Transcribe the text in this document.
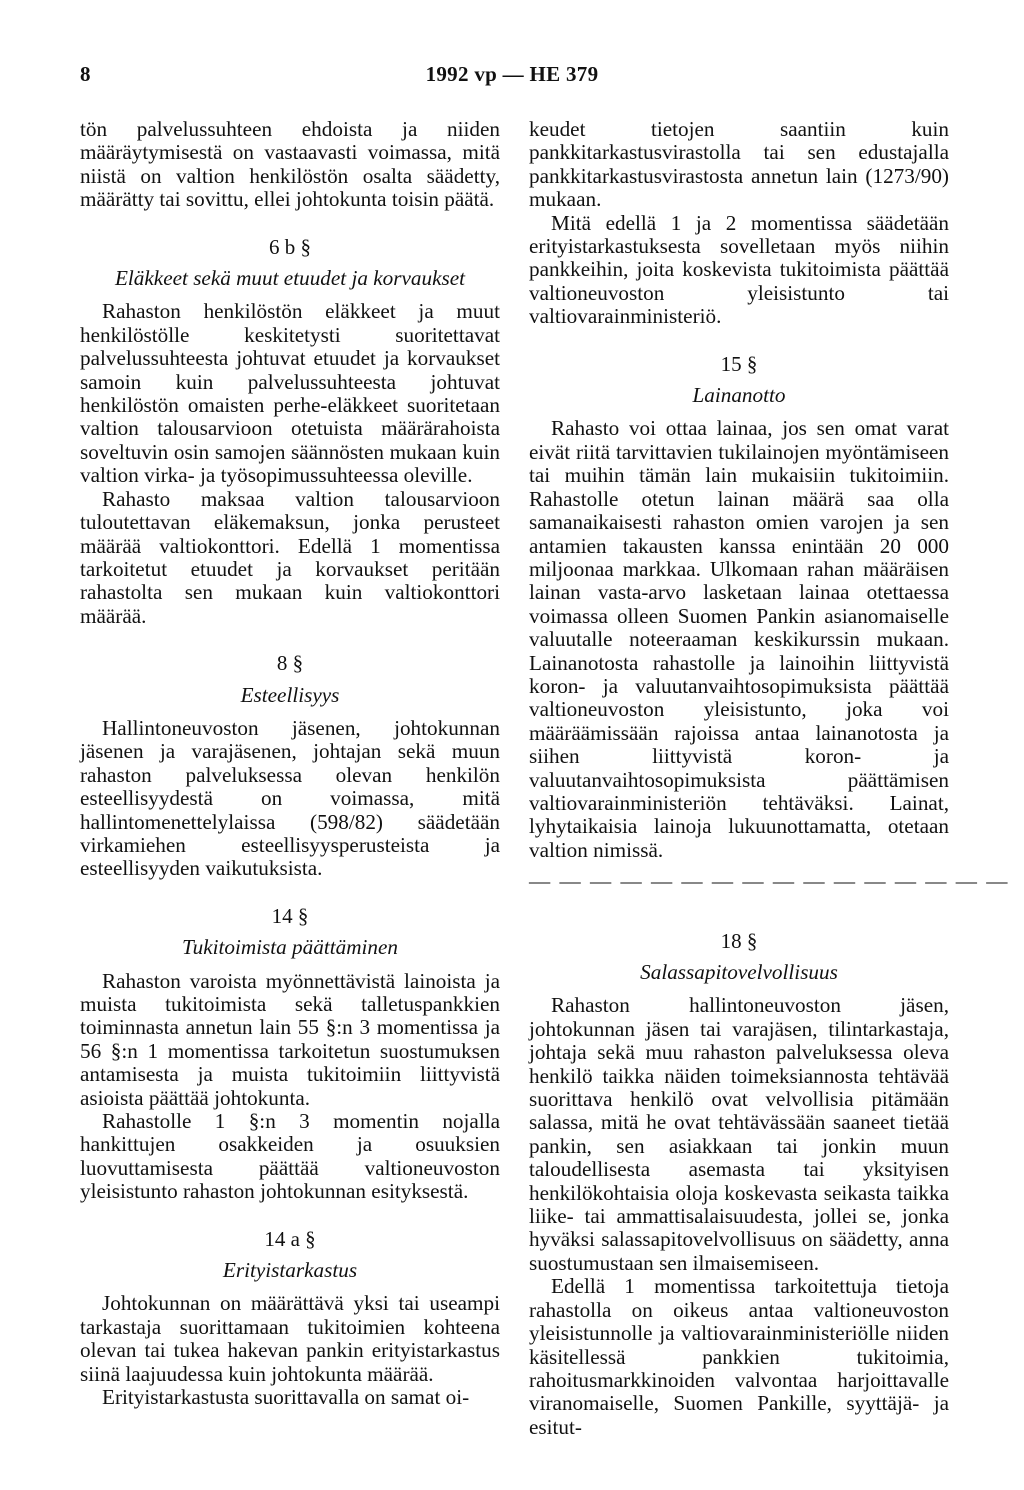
8	1992 vp — HE 379

tön palvelussuhteen ehdoista ja niiden määräytymisestä on vastaavasti voimassa, mitä niistä on valtion henkilöstön osalta säädetty, määrätty tai sovittu, ellei johtokunta toisin päätä.

6 b §
Eläkkeet sekä muut etuudet ja korvaukset

Rahaston henkilöstön eläkkeet ja muut henkilöstölle keskitetysti suoritettavat palvelussuhteesta johtuvat etuudet ja korvaukset samoin kuin palvelussuhteesta johtuvat henkilöstön omaisten perhe-eläkkeet suoritetaan valtion talousarvioon otetuista määrärahoista soveltuvin osin samojen säännösten mukaan kuin valtion virka- ja työsopimussuhteessa oleville.

Rahasto maksaa valtion talousarvioon tuloutettavan eläkemaksun, jonka perusteet määrää valtiokonttori. Edellä 1 momentissa tarkoitetut etuudet ja korvaukset peritään rahastolta sen mukaan kuin valtiokonttori määrää.

8 §
Esteellisyys

Hallintoneuvoston jäsenen, johtokunnan jäsenen ja varajäsenen, johtajan sekä muun rahaston palveluksessa olevan henkilön esteellisyydestä on voimassa, mitä hallintomenettelylaissa (598/82) säädetään virkamiehen esteellisyysperusteista ja esteellisyyden vaikutuksista.

14 §
Tukitoimista päättäminen

Rahaston varoista myönnettävistä lainoista ja muista tukitoimista sekä talletuspankkien toiminnasta annetun lain 55 §:n 3 momentissa ja 56 §:n 1 momentissa tarkoitetun suostumuksen antamisesta ja muista tukitoimiin liittyvistä asioista päättää johtokunta.

Rahastolle 1 §:n 3 momentin nojalla hankittujen osakkeiden ja osuuksien luovuttamisesta päättää valtioneuvoston yleisistunto rahaston johtokunnan esityksestä.

14 a §
Erityistarkastus

Johtokunnan on määrättävä yksi tai useampi tarkastaja suorittamaan tukitoimien kohteena olevan tai tukea hakevan pankin erityistarkastus siinä laajuudessa kuin johtokunta määrää.

Erityistarkastusta suorittavalla on samat oi-

keudet tietojen saantiin kuin pankkitarkastusvirastolla tai sen edustajalla pankkitarkastusvirastosta annetun lain (1273/90) mukaan.

Mitä edellä 1 ja 2 momentissa säädetään erityistarkastuksesta sovelletaan myös niihin pankkeihin, joita koskevista tukitoimista päättää valtioneuvoston yleisistunto tai valtiovarainministeriö.

15 §
Lainanotto

Rahasto voi ottaa lainaa, jos sen omat varat eivät riitä tarvittavien tukilainojen myöntämiseen tai muihin tämän lain mukaisiin tukitoimiin. Rahastolle otetun lainan määrä saa olla samanaikaisesti rahaston omien varojen ja sen antamien takausten kanssa enintään 20 000 miljoonaa markkaa. Ulkomaan rahan määräisen lainan vasta-arvo lasketaan lainaa otettaessa voimassa olleen Suomen Pankin asianomaiselle valuutalle noteeraaman keskikurssin mukaan. Lainanotosta rahastolle ja lainoihin liittyvistä koron- ja valuutanvaihtosopimuksista päättää valtioneuvoston yleisistunto, joka voi määräämissään rajoissa antaa lainanotosta ja siihen liittyvistä koron- ja valuutanvaihtosopimuksista päättämisen valtiovarainministeriön tehtäväksi. Lainat, lyhytaikaisia lainoja lukuunottamatta, otetaan valtion nimissä.

— — — — — — — — — — — — — — — —
18 §
Salassapitovelvollisuus

Rahaston hallintoneuvoston jäsen, johtokunnan jäsen tai varajäsen, tilintarkastaja, johtaja sekä muu rahaston palveluksessa oleva henkilö taikka näiden toimeksiannosta tehtävää suorittava henkilö ovat velvollisia pitämään salassa, mitä he ovat tehtävässään saaneet tietää pankin, sen asiakkaan tai jonkin muun taloudellisesta asemasta tai yksityisen henkilökohtaisia oloja koskevasta seikasta taikka liike- tai ammattisalaisuudesta, jollei se, jonka hyväksi salassapitovelvollisuus on säädetty, anna suostumustaan sen ilmaisemiseen.

Edellä 1 momentissa tarkoitettuja tietoja rahastolla on oikeus antaa valtioneuvoston yleisistunnolle ja valtiovarainministeriölle niiden käsitellessä pankkien tukitoimia, rahoitusmarkkinoiden valvontaa harjoittavalle viranomaiselle, Suomen Pankille, syyttäjä- ja esitut-
